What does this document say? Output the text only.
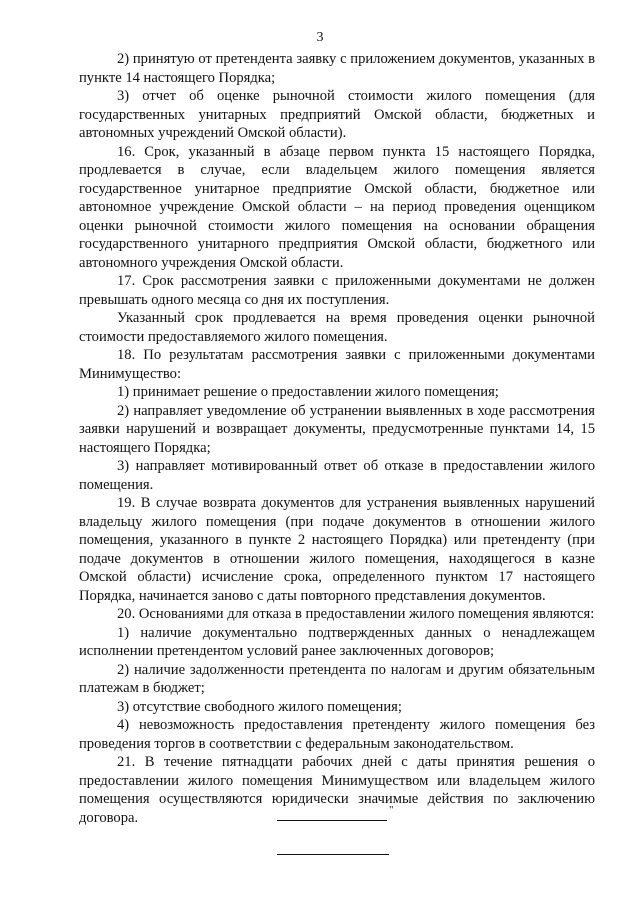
3

2) принятую от претендента заявку с приложением документов, указанных в пункте 14 настоящего Порядка;

3) отчет об оценке рыночной стоимости жилого помещения (для государственных унитарных предприятий Омской области, бюджетных и автономных учреждений Омской области).

16. Срок, указанный в абзаце первом пункта 15 настоящего Порядка, продлевается в случае, если владельцем жилого помещения является государственное унитарное предприятие Омской области, бюджетное или автономное учреждение Омской области – на период проведения оценщиком оценки рыночной стоимости жилого помещения на основании обращения государственного унитарного предприятия Омской области, бюджетного или автономного учреждения Омской области.

17. Срок рассмотрения заявки с приложенными документами не должен превышать одного месяца со дня их поступления.

Указанный срок продлевается на время проведения оценки рыночной стоимости предоставляемого жилого помещения.

18. По результатам рассмотрения заявки с приложенными документами Минимущество:

1) принимает решение о предоставлении жилого помещения;

2) направляет уведомление об устранении выявленных в ходе рассмотрения заявки нарушений и возвращает документы, предусмотренные пунктами 14, 15 настоящего Порядка;

3) направляет мотивированный ответ об отказе в предоставлении жилого помещения.

19. В случае возврата документов для устранения выявленных нарушений владельцу жилого помещения (при подаче документов в отношении жилого помещения, указанного в пункте 2 настоящего Порядка) или претенденту (при подаче документов в отношении жилого помещения, находящегося в казне Омской области) исчисление срока, определенного пунктом 17 настоящего Порядка, начинается заново с даты повторного представления документов.

20. Основаниями для отказа в предоставлении жилого помещения являются:

1) наличие документально подтвержденных данных о ненадлежащем исполнении претендентом условий ранее заключенных договоров;

2) наличие задолженности претендента по налогам и другим обязательным платежам в бюджет;

3) отсутствие свободного жилого помещения;

4) невозможность предоставления претенденту жилого помещения без проведения торгов в соответствии с федеральным законодательством.

21. В течение пятнадцати рабочих дней с даты принятия решения о предоставлении жилого помещения Минимуществом или владельцем жилого помещения осуществляются юридически значимые действия по заключению договора.	"
